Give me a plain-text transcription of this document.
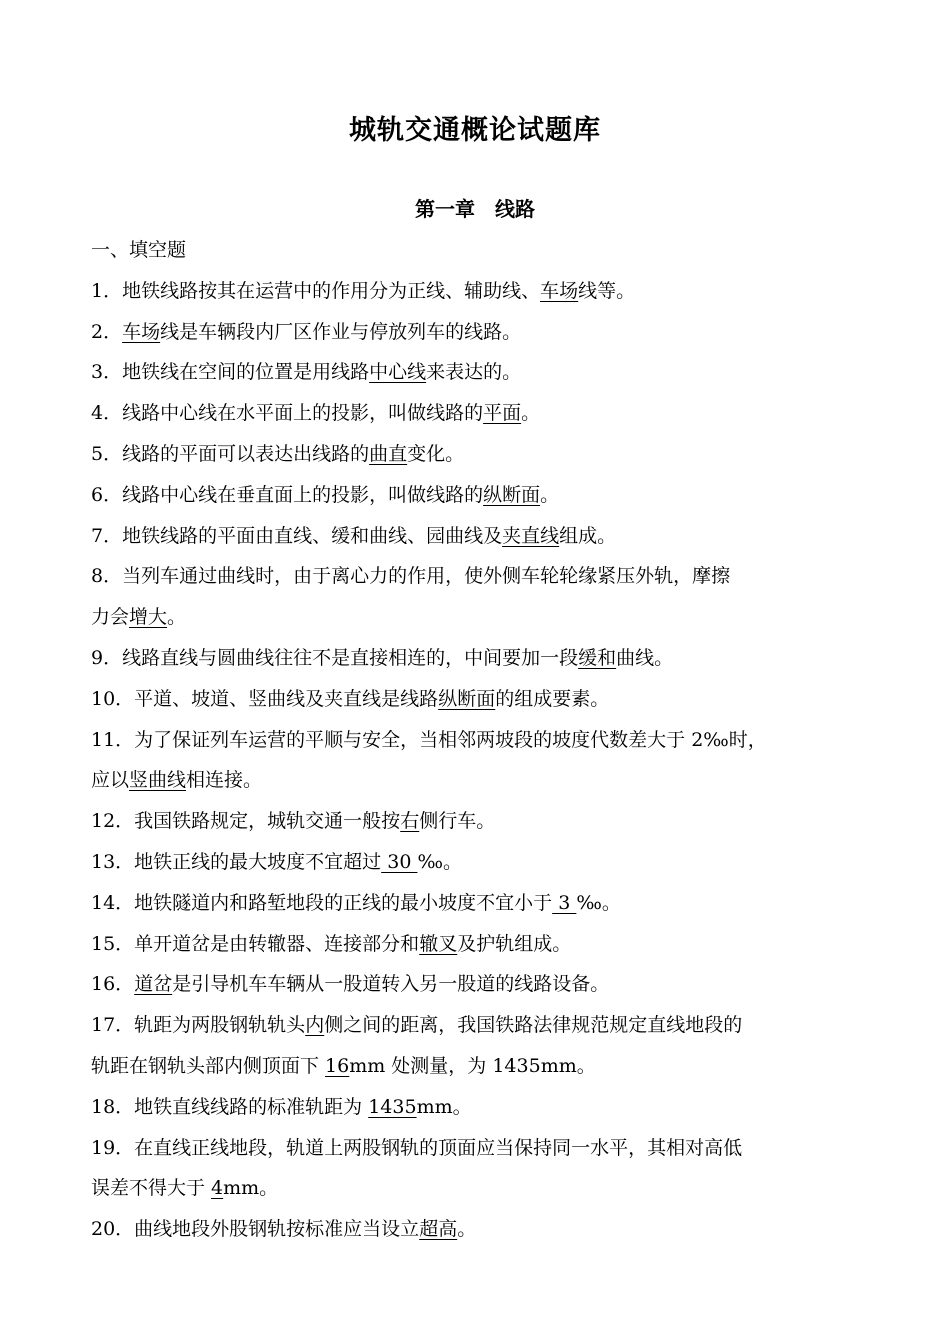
城轨交通概论试题库
第一章　线路
一、填空题
1．地铁线路按其在运营中的作用分为正线、辅助线、车场线等。
2．车场线是车辆段内厂区作业与停放列车的线路。
3．地铁线在空间的位置是用线路中心线来表达的。
4．线路中心线在水平面上的投影，叫做线路的平面。
5．线路的平面可以表达出线路的曲直变化。
6．线路中心线在垂直面上的投影，叫做线路的纵断面。
7．地铁线路的平面由直线、缓和曲线、园曲线及夹直线组成。
8．当列车通过曲线时，由于离心力的作用，使外侧车轮轮缘紧压外轨，摩擦
力会增大。
9．线路直线与圆曲线往往不是直接相连的，中间要加一段缓和曲线。
10．平道、坡道、竖曲线及夹直线是线路纵断面的组成要素。
11．为了保证列车运营的平顺与安全，当相邻两坡段的坡度代数差大于 2‰时，
应以竖曲线相连接。
12．我国铁路规定，城轨交通一般按右侧行车。
13．地铁正线的最大坡度不宜超过 30 ‰。
14．地铁隧道内和路堑地段的正线的最小坡度不宜小于 3 ‰。
15．单开道岔是由转辙器、连接部分和辙叉及护轨组成。
16．道岔是引导机车车辆从一股道转入另一股道的线路设备。
17．轨距为两股钢轨轨头内侧之间的距离，我国铁路法律规范规定直线地段的
轨距在钢轨头部内侧顶面下 16mm 处测量，为 1435mm。
18．地铁直线线路的标准轨距为 1435mm。
19．在直线正线地段，轨道上两股钢轨的顶面应当保持同一水平，其相对高低
误差不得大于 4mm。
20．曲线地段外股钢轨按标准应当设立超高。
